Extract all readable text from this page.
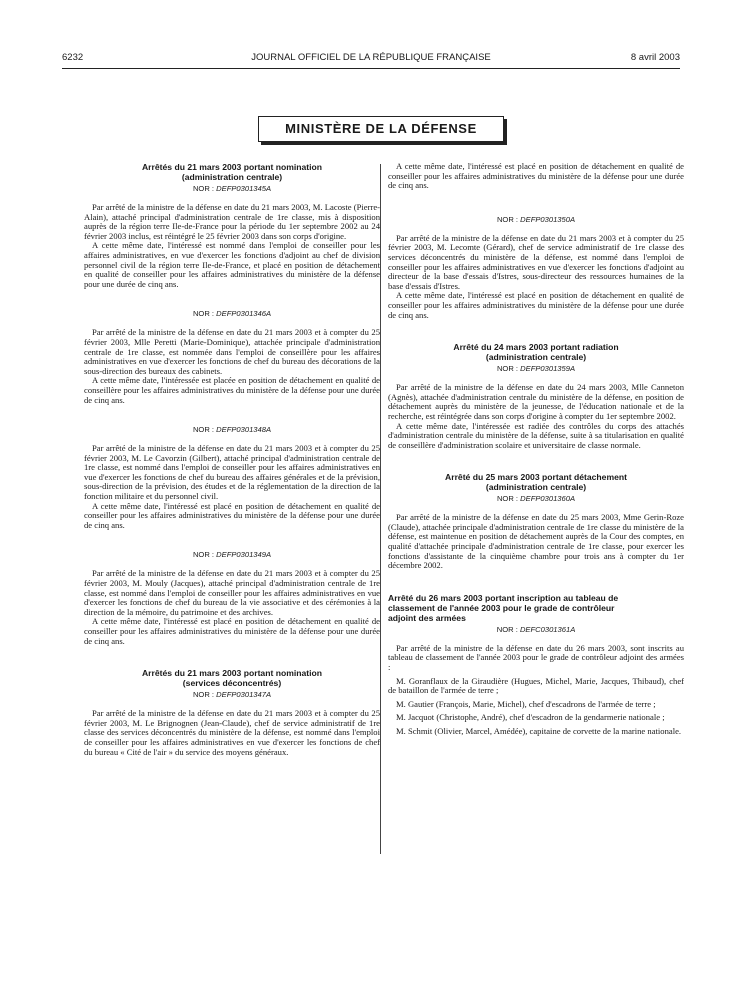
6232	JOURNAL OFFICIEL DE LA RÉPUBLIQUE FRANÇAISE	8 avril 2003
MINISTÈRE DE LA DÉFENSE
Arrêtés du 21 mars 2003 portant nomination
(administration centrale)
NOR : DEFP0301345A

Par arrêté de la ministre de la défense en date du 21 mars 2003, M. Lacoste (Pierre-Alain), attaché principal d'administration centrale de 1re classe, mis à disposition auprès de la région terre Ile-de-France pour la période du 1er septembre 2002 au 24 février 2003 inclus, est réintégré le 25 février 2003 dans son corps d'origine.

A cette même date, l'intéressé est nommé dans l'emploi de conseiller pour les affaires administratives, en vue d'exercer les fonctions d'adjoint au chef de division personnel civil de la région terre Ile-de-France, et placé en position de détachement en qualité de conseiller pour les affaires administratives du ministère de la défense pour une durée de cinq ans.

NOR : DEFP0301346A

Par arrêté de la ministre de la défense en date du 21 mars 2003 et à compter du 25 février 2003, Mlle Peretti (Marie-Dominique), attachée principale d'administration centrale de 1re classe, est nommée dans l'emploi de conseillère pour les affaires administratives en vue d'exercer les fonctions de chef du bureau des décorations de la sous-direction des bureaux des cabinets.

A cette même date, l'intéressée est placée en position de détachement en qualité de conseillère pour les affaires administratives du ministère de la défense pour une durée de cinq ans.

NOR : DEFP0301348A

Par arrêté de la ministre de la défense en date du 21 mars 2003 et à compter du 25 février 2003, M. Le Cavorzin (Gilbert), attaché principal d'administration centrale de 1re classe, est nommé dans l'emploi de conseiller pour les affaires administratives en vue d'exercer les fonctions de chef du bureau des affaires générales et de la prévision, sous-direction de la prévision, des études et de la réglementation de la direction de la fonction militaire et du personnel civil.

A cette même date, l'intéressé est placé en position de détachement en qualité de conseiller pour les affaires administratives du ministère de la défense pour une durée de cinq ans.

NOR : DEFP0301349A

Par arrêté de la ministre de la défense en date du 21 mars 2003 et à compter du 25 février 2003, M. Mouly (Jacques), attaché principal d'administration centrale de 1re classe, est nommé dans l'emploi de conseiller pour les affaires administratives en vue d'exercer les fonctions de chef du bureau de la vie associative et des cérémonies à la direction de la mémoire, du patrimoine et des archives.

A cette même date, l'intéressé est placé en position de détachement en qualité de conseiller pour les affaires administratives du ministère de la défense pour une durée de cinq ans.

Arrêtés du 21 mars 2003 portant nomination
(services déconcentrés)
NOR : DEFP0301347A

Par arrêté de la ministre de la défense en date du 21 mars 2003 et à compter du 25 février 2003, M. Le Brignognen (Jean-Claude), chef de service administratif de 1re classe des services déconcentrés du ministère de la défense, est nommé dans l'emploi de conseiller pour les affaires administratives en vue d'exercer les fonctions de chef du bureau « Cité de l'air » du service des moyens généraux.

A cette même date, l'intéressé est placé en position de détachement en qualité de conseiller pour les affaires administratives du ministère de la défense pour une durée de cinq ans.

NOR : DEFP0301350A

Par arrêté de la ministre de la défense en date du 21 mars 2003 et à compter du 25 février 2003, M. Lecomte (Gérard), chef de service administratif de 1re classe des services déconcentrés du ministère de la défense, est nommé dans l'emploi de conseiller pour les affaires administratives en vue d'exercer les fonctions d'adjoint au directeur de la base d'essais d'Istres, sous-directeur des ressources humaines de la base d'essais d'Istres.

A cette même date, l'intéressé est placé en position de détachement en qualité de conseiller pour les affaires administratives du ministère de la défense pour une durée de cinq ans.

Arrêté du 24 mars 2003 portant radiation
(administration centrale)
NOR : DEFP0301359A

Par arrêté de la ministre de la défense en date du 24 mars 2003, Mlle Canneton (Agnès), attachée d'administration centrale du ministère de la défense, en position de détachement auprès du ministère de la jeunesse, de l'éducation nationale et de la recherche, est réintégrée dans son corps d'origine à compter du 1er septembre 2002.

A cette même date, l'intéressée est radiée des contrôles du corps des attachés d'administration centrale du ministère de la défense, suite à sa titularisation en qualité de conseillère d'administration scolaire et universitaire de classe normale.

Arrêté du 25 mars 2003 portant détachement
(administration centrale)
NOR : DEFP0301360A

Par arrêté de la ministre de la défense en date du 25 mars 2003, Mme Gerin-Roze (Claude), attachée principale d'administration centrale de 1re classe du ministère de la défense, est maintenue en position de détachement auprès de la Cour des comptes, en qualité d'attachée principale d'administration centrale de 1re classe, pour exercer les fonctions d'assistante de la cinquième chambre pour trois ans à compter du 1er décembre 2002.

Arrêté du 26 mars 2003 portant inscription au tableau de
classement de l'année 2003 pour le grade de contrôleur
adjoint des armées
NOR : DEFC0301361A

Par arrêté de la ministre de la défense en date du 26 mars 2003, sont inscrits au tableau de classement de l'année 2003 pour le grade de contrôleur adjoint des armées :

M. Goranflaux de la Giraudière (Hugues, Michel, Marie, Jacques, Thibaud), chef de bataillon de l'armée de terre ;

M. Gautier (François, Marie, Michel), chef d'escadrons de l'armée de terre ;

M. Jacquot (Christophe, André), chef d'escadron de la gendarmerie nationale ;

M. Schmit (Olivier, Marcel, Amédée), capitaine de corvette de la marine nationale.
